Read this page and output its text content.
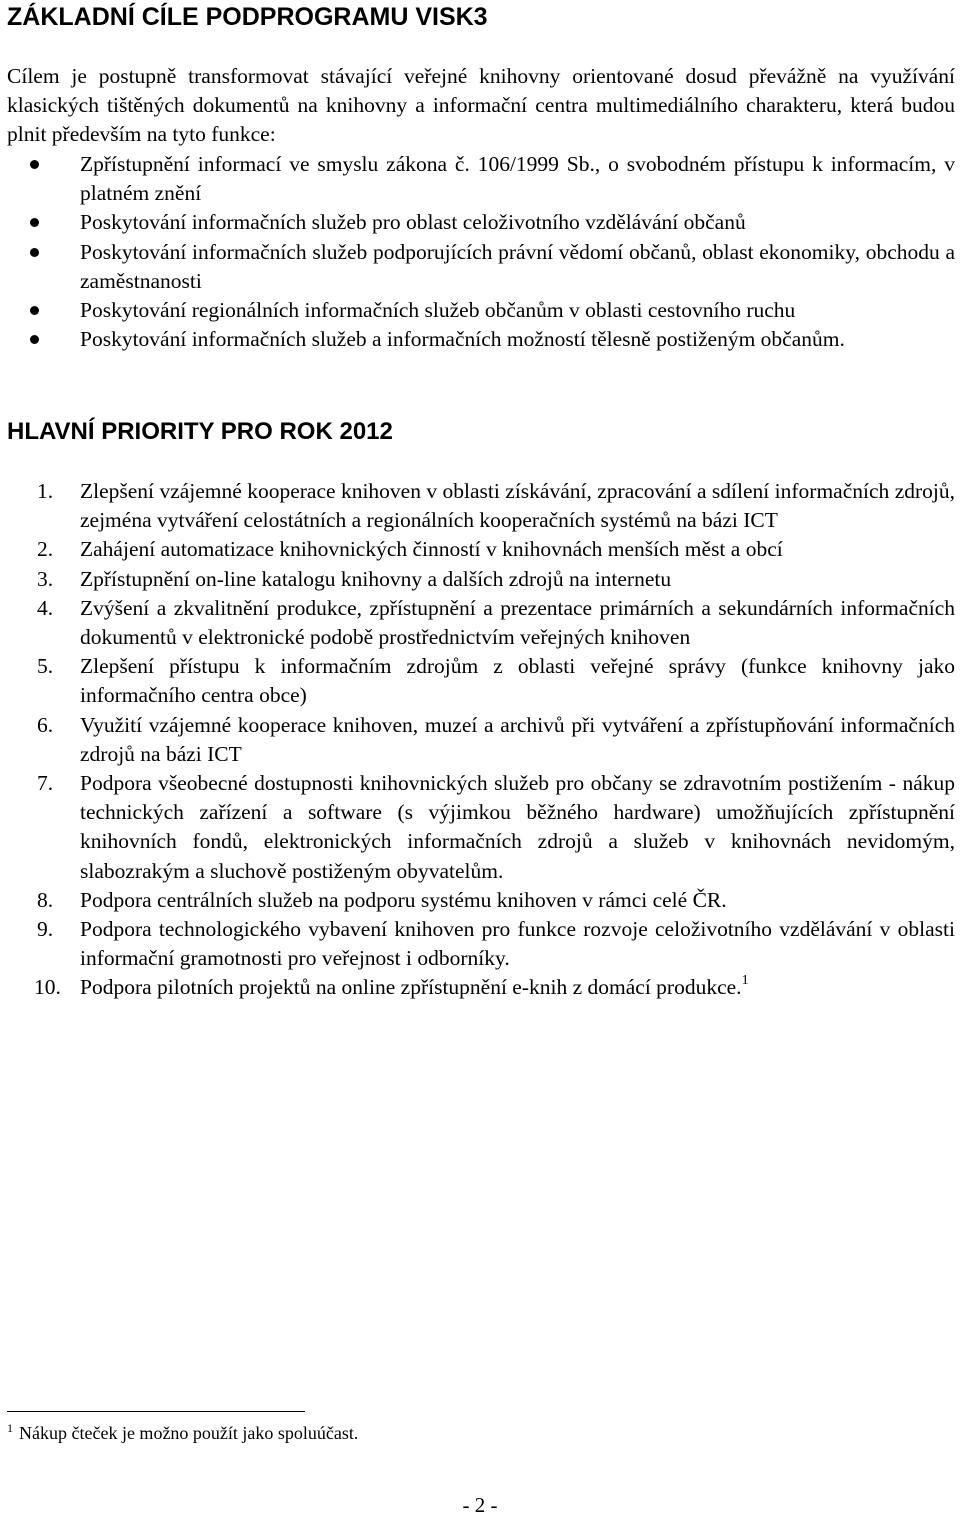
ZÁKLADNÍ CÍLE PODPROGRAMU VISK3

Cílem je postupně transformovat stávající veřejné knihovny orientované dosud převážně na využívání klasických tištěných dokumentů na knihovny a informační centra multimediálního charakteru, která budou plnit především na tyto funkce:

Zpřístupnění informací ve smyslu zákona č. 106/1999 Sb., o svobodném přístupu k informacím, v platném znění
Poskytování informačních služeb pro oblast celoživotního vzdělávání občanů
Poskytování informačních služeb podporujících právní vědomí občanů, oblast ekonomiky, obchodu a zaměstnanosti
Poskytování regionálních informačních služeb občanům v oblasti cestovního ruchu
Poskytování informačních služeb a informačních možností tělesně postiženým občanům.
HLAVNÍ PRIORITY PRO ROK 2012
1. Zlepšení vzájemné kooperace knihoven v oblasti získávání, zpracování a sdílení informačních zdrojů, zejména vytváření celostátních a regionálních kooperačních systémů na bázi ICT
2. Zahájení automatizace knihovnických činností v knihovnách menších měst a obcí
3. Zpřístupnění on-line katalogu knihovny a dalších zdrojů na internetu
4. Zvýšení a zkvalitnění produkce, zpřístupnění a prezentace primárních a sekundárních informačních dokumentů v elektronické podobě prostřednictvím veřejných knihoven
5. Zlepšení přístupu k informačním zdrojům z oblasti veřejné správy (funkce knihovny jako informačního centra obce)
6. Využití vzájemné kooperace knihoven, muzeí a archivů při vytváření a zpřístupňování informačních zdrojů na bázi ICT
7. Podpora všeobecné dostupnosti knihovnických služeb pro občany se zdravotním postižením - nákup technických zařízení a software (s výjimkou běžného hardware) umožňujících zpřístupnění knihovních fondů, elektronických informačních zdrojů a služeb v knihovnách nevidomým, slabozrakým a sluchově postiženým obyvatelům.
8. Podpora centrálních služeb na podporu systému knihoven v rámci celé ČR.
9. Podpora technologického vybavení knihoven pro funkce rozvoje celoživotního vzdělávání v oblasti informační gramotnosti pro veřejnost i odborníky.
10. Podpora pilotních projektů na online zpřístupnění e-knih z domácí produkce.$^1$
$^1$ Nákup čteček je možno použít jako spoluúčast.
- 2 -
